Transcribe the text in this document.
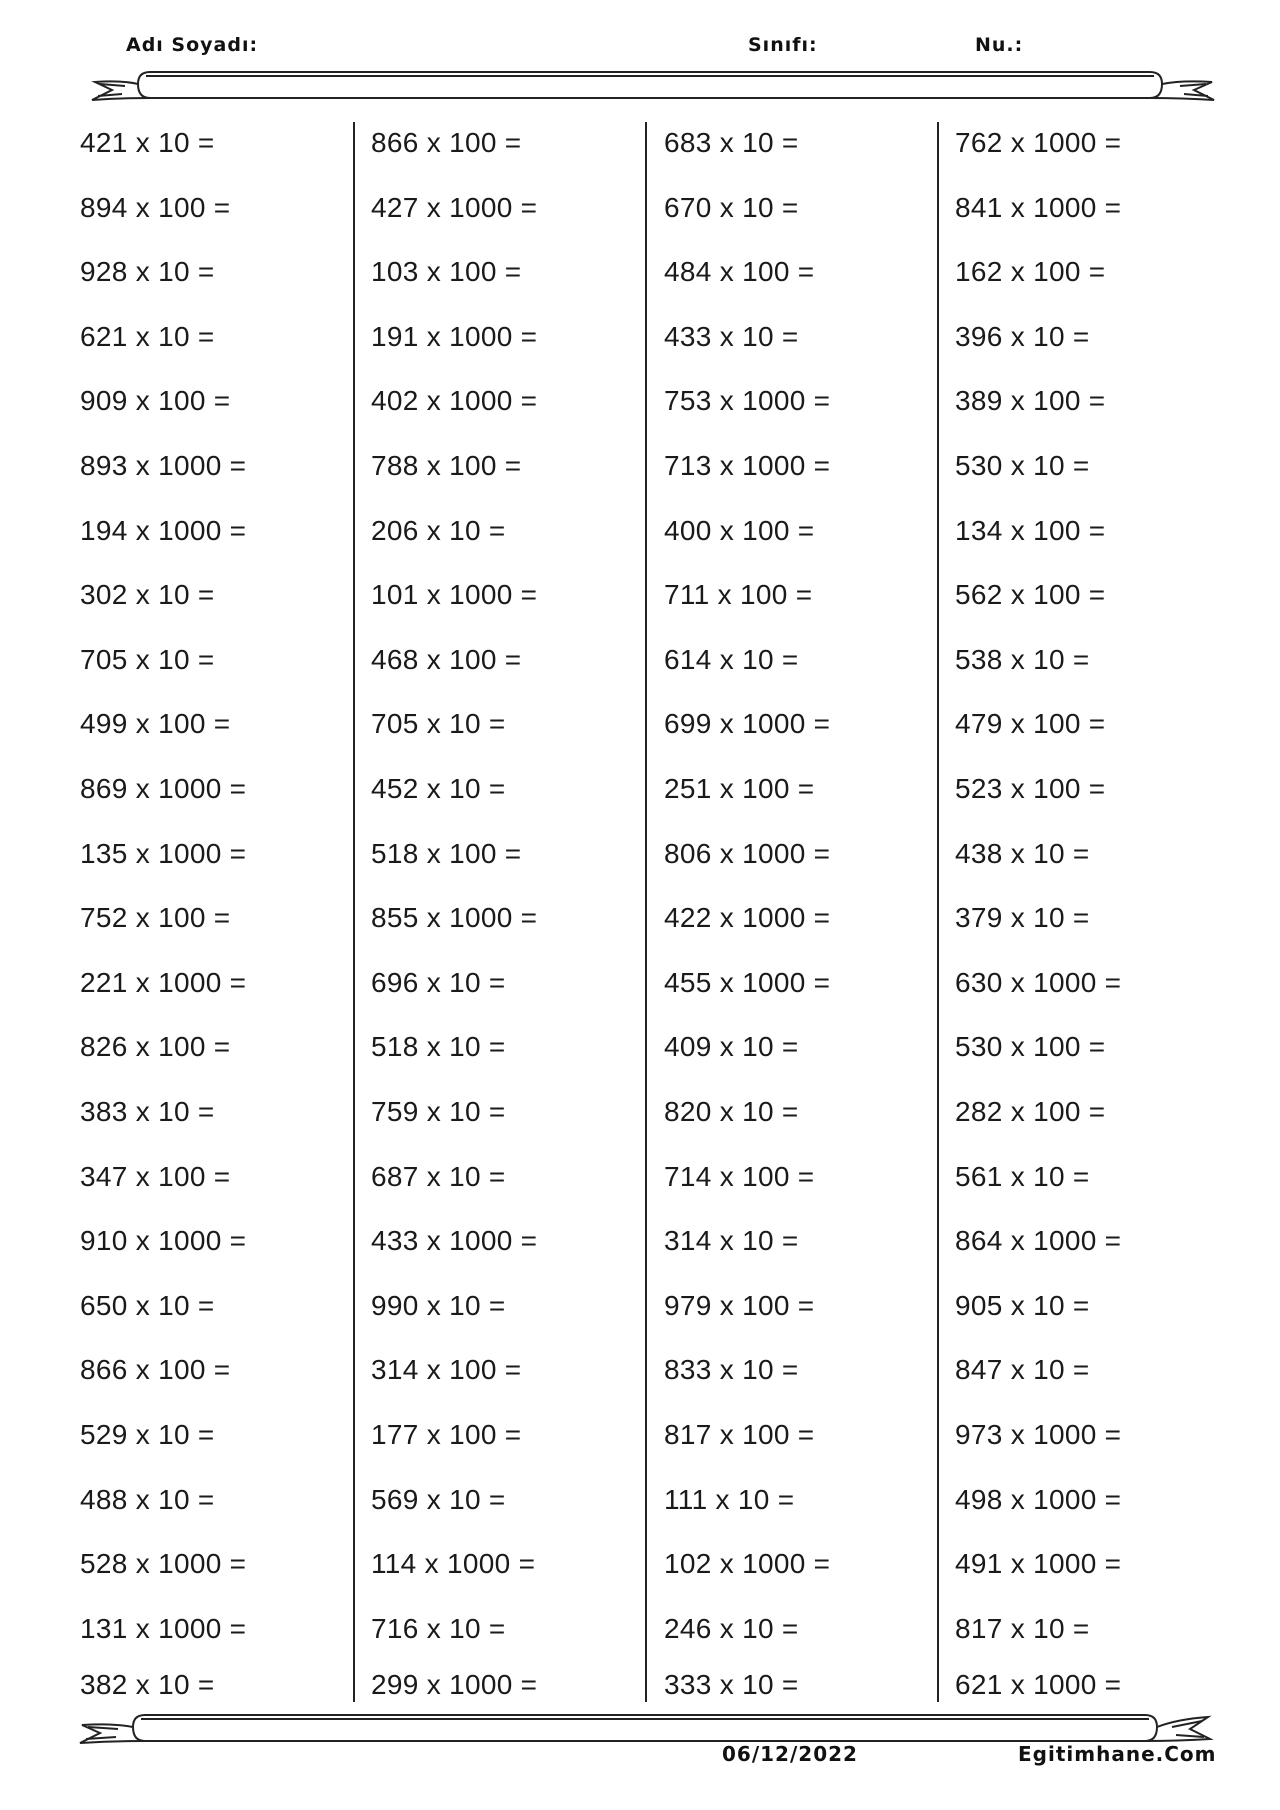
Adı Soyadı:	Sınıfı:	Nu.:
421 x 10 =
894 x 100 =
928 x 10 =
621 x 10 =
909 x 100 =
893 x 1000 =
194 x 1000 =
302 x 10 =
705 x 10 =
499 x 100 =
869 x 1000 =
135 x 1000 =
752 x 100 =
221 x 1000 =
826 x 100 =
383 x 10 =
347 x 100 =
910 x 1000 =
650 x 10 =
866 x 100 =
529 x 10 =
488 x 10 =
528 x 1000 =
131 x 1000 =
382 x 10 =
866 x 100 =
427 x 1000 =
103 x 100 =
191 x 1000 =
402 x 1000 =
788 x 100 =
206 x 10 =
101 x 1000 =
468 x 100 =
705 x 10 =
452 x 10 =
518 x 100 =
855 x 1000 =
696 x 10 =
518 x 10 =
759 x 10 =
687 x 10 =
433 x 1000 =
990 x 10 =
314 x 100 =
177 x 100 =
569 x 10 =
114 x 1000 =
716 x 10 =
299 x 1000 =
683 x 10 =
670 x 10 =
484 x 100 =
433 x 10 =
753 x 1000 =
713 x 1000 =
400 x 100 =
711 x 100 =
614 x 10 =
699 x 1000 =
251 x 100 =
806 x 1000 =
422 x 1000 =
455 x 1000 =
409 x 10 =
820 x 10 =
714 x 100 =
314 x 10 =
979 x 100 =
833 x 10 =
817 x 100 =
111 x 10 =
102 x 1000 =
246 x 10 =
333 x 10 =
762 x 1000 =
841 x 1000 =
162 x 100 =
396 x 10 =
389 x 100 =
530 x 10 =
134 x 100 =
562 x 100 =
538 x 10 =
479 x 100 =
523 x 100 =
438 x 10 =
379 x 10 =
630 x 1000 =
530 x 100 =
282 x 100 =
561 x 10 =
864 x 1000 =
905 x 10 =
847 x 10 =
973 x 1000 =
498 x 1000 =
491 x 1000 =
817 x 10 =
621 x 1000 =
06/12/2022	Egitimhane.Com
